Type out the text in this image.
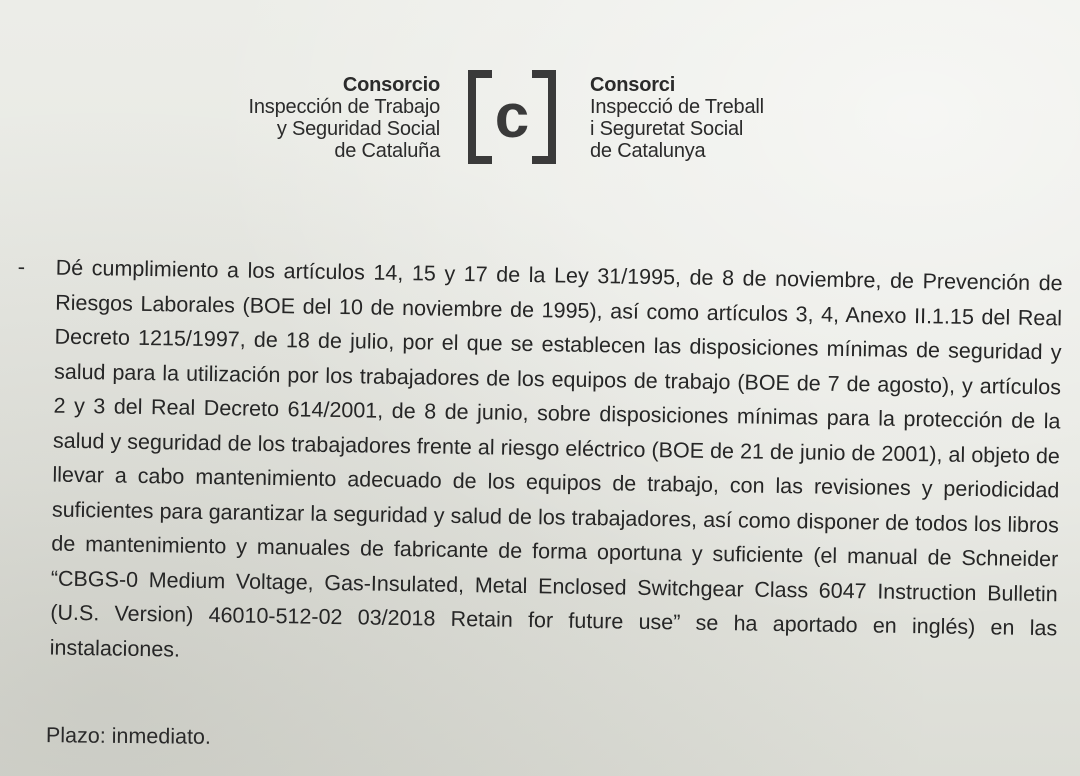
Consorcio
Inspección de Trabajo
y Seguridad Social
de Cataluña c	Consorci
Inspecció de Treball
i Seguretat Social
de Catalunya
- Dé cumplimiento a los artículos 14, 15 y 17 de la Ley 31/1995, de 8 de noviembre, de Prevención de Riesgos Laborales (BOE del 10 de noviembre de 1995), así como artículos 3, 4, Anexo II.1.15 del Real Decreto 1215/1997, de 18 de julio, por el que se establecen las disposiciones mínimas de seguridad y salud para la utilización por los trabajadores de los equipos de trabajo (BOE de 7 de agosto), y artículos 2 y 3 del Real Decreto 614/2001, de 8 de junio, sobre disposiciones mínimas para la protección de la salud y seguridad de los trabajadores frente al riesgo eléctrico (BOE de 21 de junio de 2001), al objeto de llevar a cabo mantenimiento adecuado de los equipos de trabajo, con las revisiones y periodicidad suficientes para garantizar la seguridad y salud de los trabajadores, así como disponer de todos los libros de mantenimiento y manuales de fabricante de forma oportuna y suficiente (el manual de Schneider “CBGS-0 Medium Voltage, Gas-Insulated, Metal Enclosed Switchgear Class 6047 Instruction Bulletin (U.S. Version) 46010-512-02 03/2018 Retain for future use” se ha aportado en inglés) en las instalaciones.

Plazo: inmediato.
